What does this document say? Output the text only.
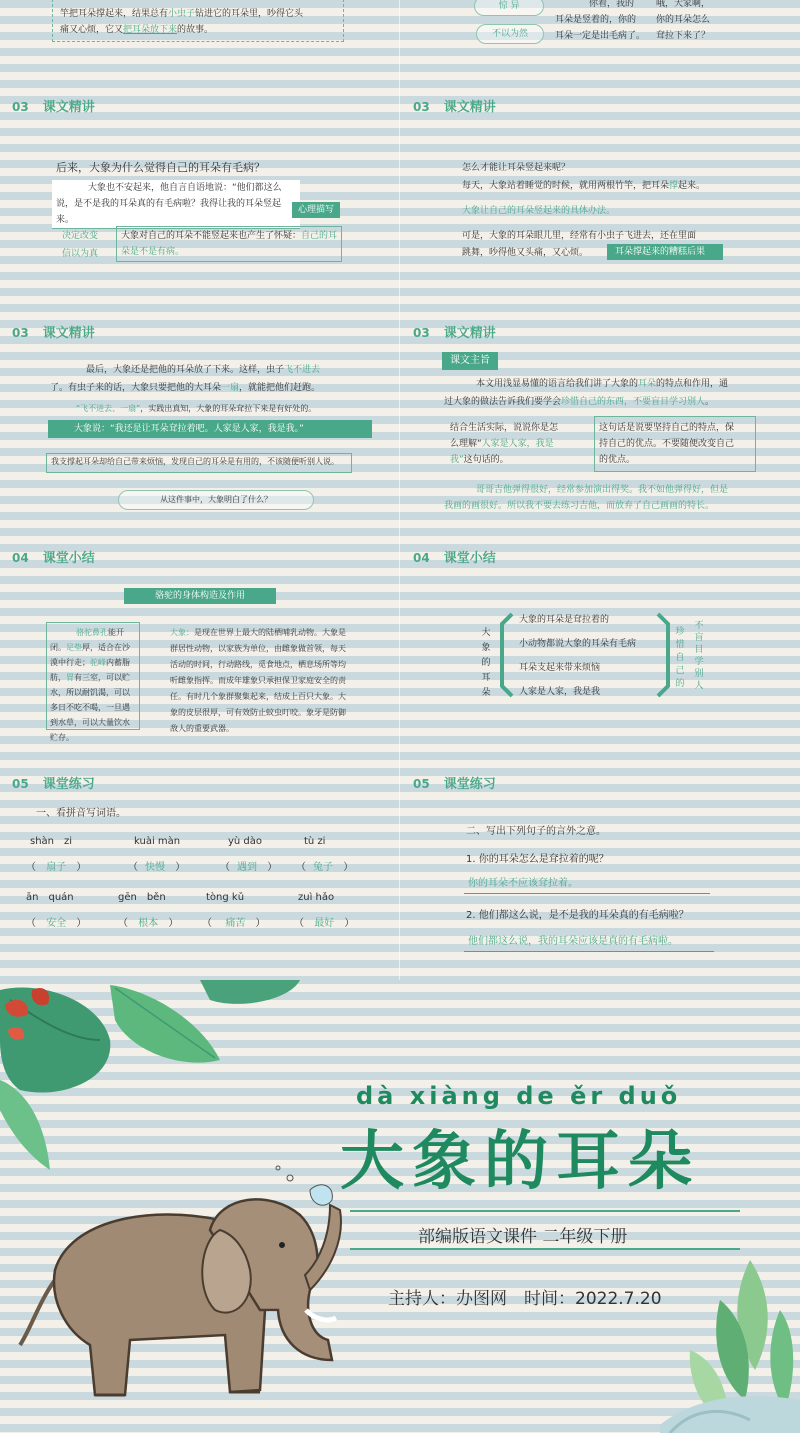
竿把耳朵撑起来，结果总有小虫子钻进它的耳朵里，吵得它头
痛又心烦，它又把耳朵放下来的故事。
惊 异
不以为然
你看，我的
耳朵是竖着的，你的
耳朵一定是出毛病了。
哦，大家啊，
你的耳朵怎么
耷拉下来了？
03 课文精讲
后来，大象为什么觉得自己的耳朵有毛病？
大象也不安起来，他自言自语地说：“他们都这么说，是不是我的耳朵真的有毛病啦？我得让我的耳朵竖起来。
心理描写
决定改变
信以为真
大象对自己的耳朵不能竖起来也产生了怀疑：自己的耳朵是不是有病。
03 课文精讲
怎么才能让耳朵竖起来呢？
每天，大象站着睡觉的时候，就用两根竹竿，把耳朵撑起来。
大象让自己的耳朵竖起来的具体办法。
可是，大象的耳朵眼儿里，经常有小虫子飞进去，还在里面
跳舞，吵得他又头痛，又心烦。	耳朵撑起来的糟糕后果
03 课文精讲
最后，大象还是把他的耳朵放了下来。这样，虫子飞不进去
了。有虫子来的话，大象只要把他的大耳朵一扇，就能把他们赶跑。
“飞不进去、一扇”，实践出真知，大象的耳朵耷拉下来是有好处的。
大象说：“我还是让耳朵耷拉着吧。人家是人家，我是我。”
我支撑起耳朵却给自己带来烦恼，发现自己的耳朵是有用的，不该随便听别人说。
从这件事中，大象明白了什么？
03 课文精讲
课文主旨
本文用浅显易懂的语言给我们讲了大象的耳朵的特点和作用，通
过大象的做法告诉我们要学会珍惜自己的东西，不要盲目学习别人。
结合生活实际，说说你是怎
么理解“人家是人家，我是
我”这句话的。
这句话是说要坚持自己的特点，保
持自己的优点。不要随便改变自己
的优点。
哥哥吉他弹得很好，经常参加演出得奖。我不如他弹得好，但是
我画的画很好。所以我不要去练习吉他，而放弃了自己画画的特长。
04 课堂小结
骆驼的身体构造及作用
骆驼鼻孔能开
闭。足垫厚，适合在沙
漠中行走；驼峰内蓄脂
肪，胃有三室，可以贮
水，所以耐饥渴，可以
多日不吃不喝，一旦遇
到水草，可以大量饮水
贮存。
大象：是现在世界上最大的陆栖哺乳动物。大象是
群居性动物，以家族为单位，由雌象做首领，每天
活动的时间，行动路线，觅食地点，栖息场所等均
听雌象指挥。而成年雄象只承担保卫家庭安全的责
任。有时几个象群聚集起来，结成上百只大象。大
象的皮层很厚，可有效防止蚊虫叮咬。象牙是防御
敌人的重要武器。
04 课堂小结
大象的耳朵
大象的耳朵是耷拉着的
小动物都说大象的耳朵有毛病
耳朵支起来带来烦恼
人家是人家，我是我
珍惜自己的
不盲目学别人
05 课堂练习
一、看拼音写词语。
shàn　zi	kuài màn	yù dào	tù zi
（ 扇子 ）	（ 快慢 ）	（ 遇到 ） （ 兔子 ）
ān　quán	gēn　běn	tòng kǔ	zuì hǎo
（ 安全 ）	（ 根本 ） （ 痛苦 ）	（ 最好 ）
05 课堂练习
二、写出下列句子的言外之意。
1. 你的耳朵怎么是耷拉着的呢？
你的耳朵不应该耷拉着。
2. 他们都这么说，是不是我的耳朵真的有毛病啦？
他们都这么说，我的耳朵应该是真的有毛病啦。
dà xiàng de ěr duǒ
大象的耳朵
部编版语文课件 二年级下册
主持人：办图网　时间：2022.7.20
